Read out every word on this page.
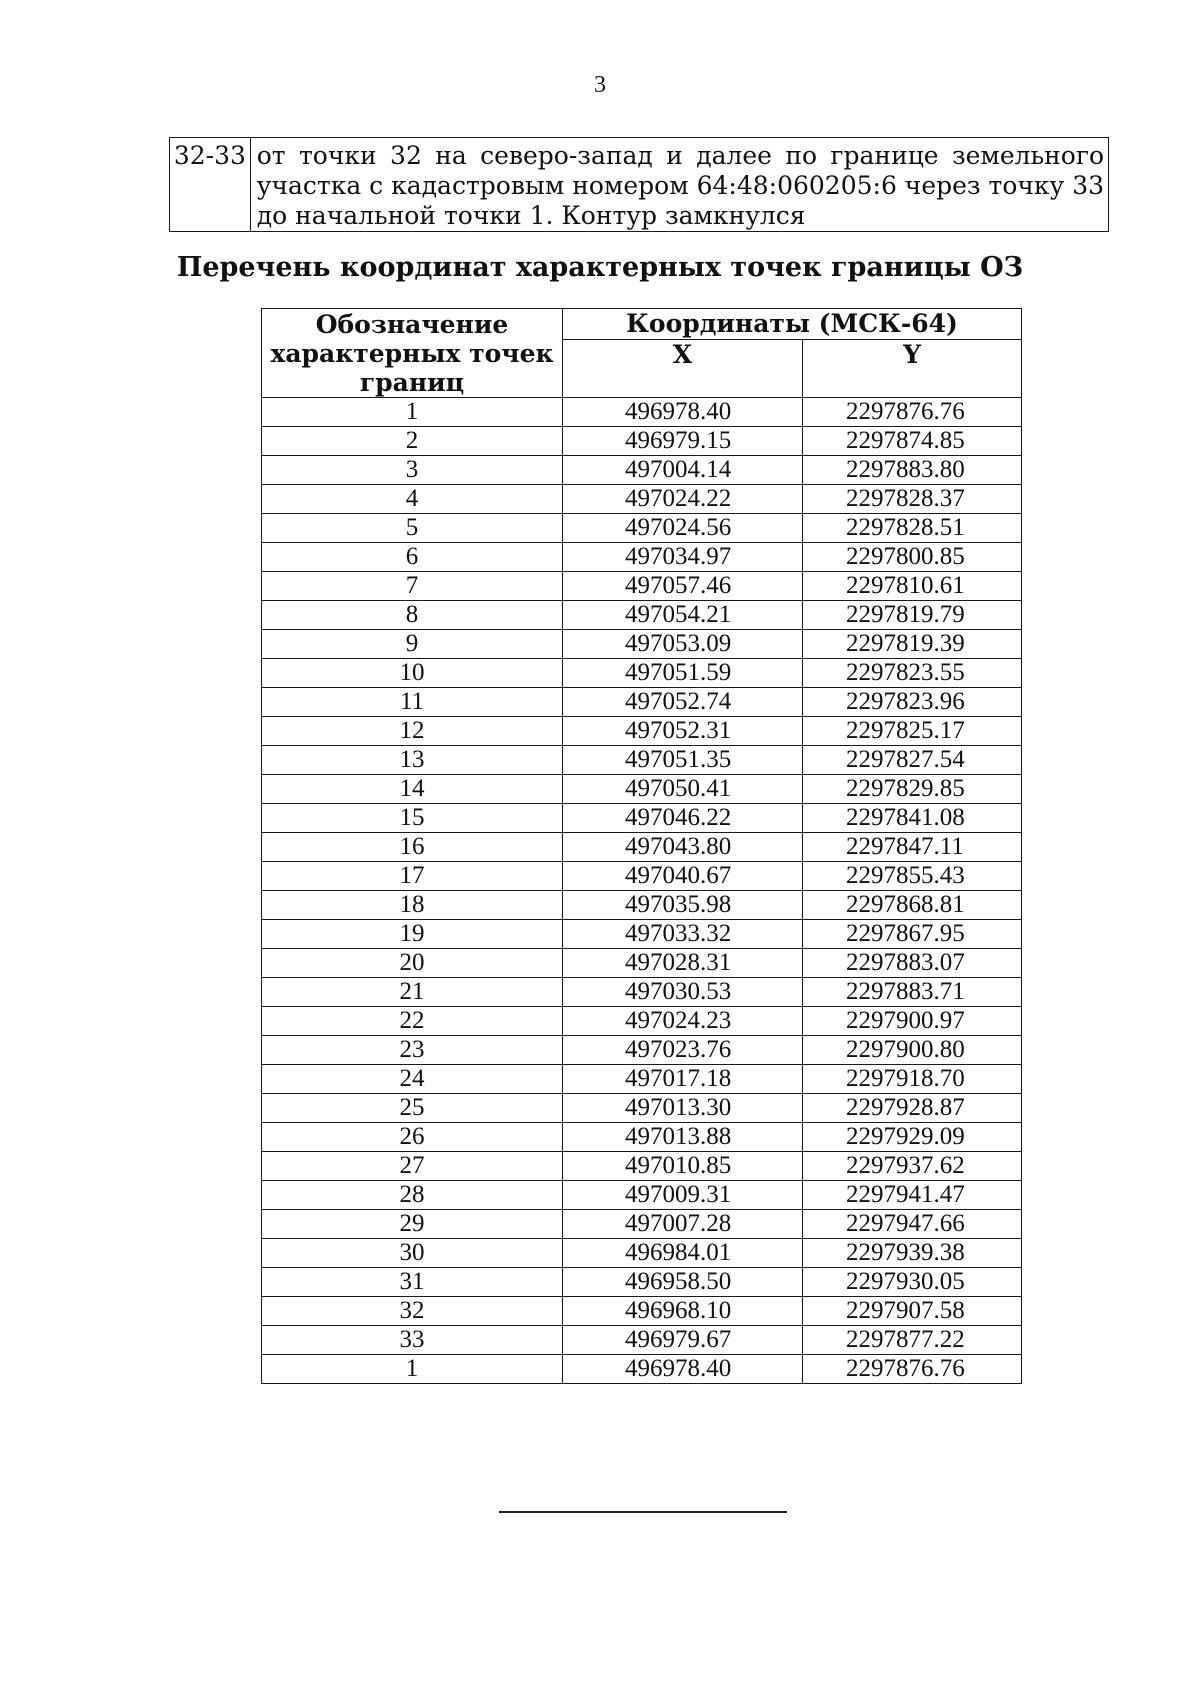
3
32-33	от точки 32 на северо-запад и далее по границе земельного
участка с кадастровым номером 64:48:060205:6 через точку 33
до начальной точки 1. Контур замкнулся
Перечень координат характерных точек границы ОЗ
Обозначение характерных точек границ	Координаты (МСК-64)	
	X	Y
1	496978.40	2297876.76
2	496979.15	2297874.85
3	497004.14	2297883.80
4	497024.22	2297828.37
5	497024.56	2297828.51
6	497034.97	2297800.85
7	497057.46	2297810.61
8	497054.21	2297819.79
9	497053.09	2297819.39
10	497051.59	2297823.55
11	497052.74	2297823.96
12	497052.31	2297825.17
13	497051.35	2297827.54
14	497050.41	2297829.85
15	497046.22	2297841.08
16	497043.80	2297847.11
17	497040.67	2297855.43
18	497035.98	2297868.81
19	497033.32	2297867.95
20	497028.31	2297883.07
21	497030.53	2297883.71
22	497024.23	2297900.97
23	497023.76	2297900.80
24	497017.18	2297918.70
25	497013.30	2297928.87
26	497013.88	2297929.09
27	497010.85	2297937.62
28	497009.31	2297941.47
29	497007.28	2297947.66
30	496984.01	2297939.38
31	496958.50	2297930.05
32	496968.10	2297907.58
33	496979.67	2297877.22
1	496978.40	2297876.76
